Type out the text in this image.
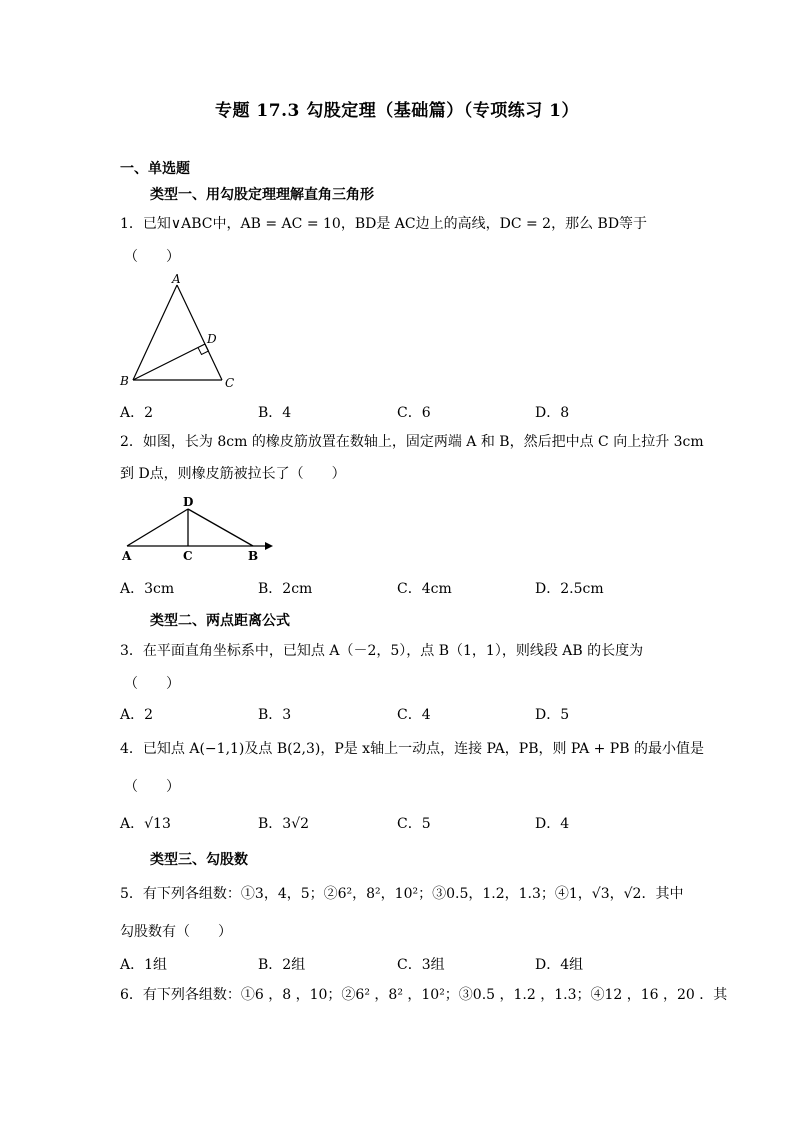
专题 17.3 勾股定理（基础篇）（专项练习 1）
一、单选题
类型一、用勾股定理理解直角三角形
1．已知∨ABC中，AB = AC = 10，BD是 AC边上的高线，DC = 2，那么 BD等于
（　　）
A
B	C
D
A．2	B．4	C．6	D．8
2．如图，长为 8cm 的橡皮筋放置在数轴上，固定两端 A 和 B，然后把中点 C 向上拉升 3cm
到 D点，则橡皮筋被拉长了（　　）
A	C	B
D
A．3cm	B．2cm	C．4cm	D．2.5cm
类型二、两点距离公式
3．在平面直角坐标系中，已知点 A（－2，5），点 B（1，1），则线段 AB 的长度为
（　　）
A．2	B．3	C．4	D．5
4．已知点 A(−1,1)及点 B(2,3)，P是 x轴上一动点，连接 PA，PB，则 PA + PB 的最小值是
（　　）
A．√13	B．3√2	C．5	D．4
类型三、勾股数
5．有下列各组数：①3，4，5；②6²，8²，10²；③0.5，1.2，1.3；④1，√3，√2．其中
勾股数有（　　）
A．1组	B．2组	C．3组	D．4组
6．有下列各组数：①6 ，8 ，10；②6² ，8² ，10²；③0.5 ，1.2 ，1.3；④12 ，16 ，20 ．其
